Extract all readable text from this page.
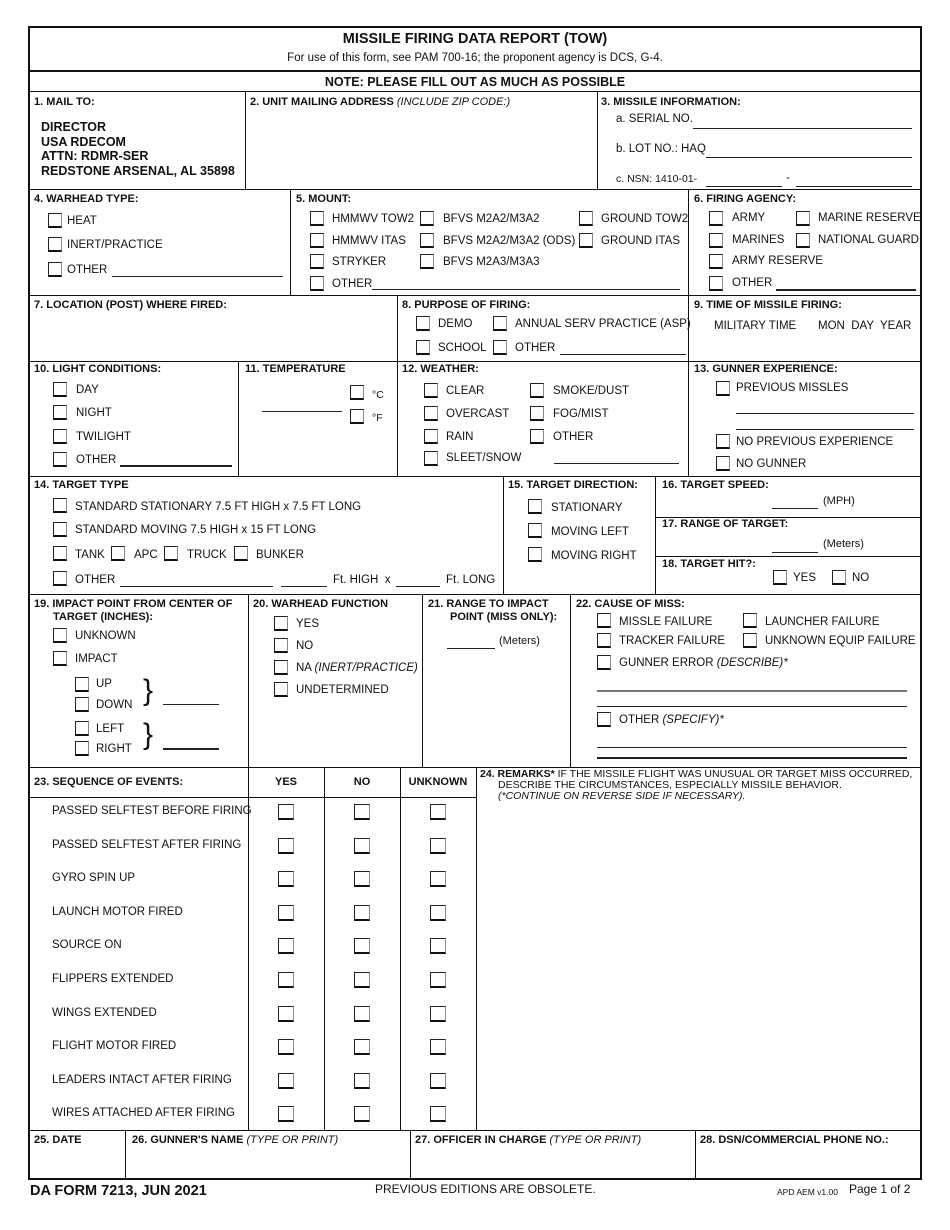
MISSILE FIRING DATA REPORT (TOW)
For use of this form, see PAM 700-16; the proponent agency is DCS, G-4.
NOTE: PLEASE FILL OUT AS MUCH AS POSSIBLE
1. MAIL TO:
DIRECTOR
USA RDECOM
ATTN: RDMR-SER
REDSTONE ARSENAL, AL 35898
2. UNIT MAILING ADDRESS (INCLUDE ZIP CODE:)	3. MISSILE INFORMATION:
a. SERIAL NO.
b. LOT NO.: HAQ
c. NSN: 1410-01-	-
4. WARHEAD TYPE:
HEAT
INERT/PRACTICE
OTHER
5. MOUNT:
HMMWV TOW2
HMMWV ITAS
STRYKER
OTHER
BFVS M2A2/M3A2
BFVS M2A2/M3A2 (ODS)
BFVS M2A3/M3A3
GROUND TOW2
GROUND ITAS
6. FIRING AGENCY:
ARMY
MARINES
ARMY RESERVE
OTHER
MARINE RESERVE
NATIONAL GUARD
7. LOCATION (POST) WHERE FIRED:	8. PURPOSE OF FIRING:
DEMO
SCHOOL
ANNUAL SERV PRACTICE (ASP)
OTHER
9. TIME OF MISSILE FIRING:
MILITARY TIME MON  DAY  YEAR
10. LIGHT CONDITIONS:
DAY
NIGHT
TWILIGHT
OTHER
11. TEMPERATURE
°C
°F
12. WEATHER:
CLEAR
OVERCAST
RAIN
SLEET/SNOW
SMOKE/DUST
FOG/MIST
OTHER
13. GUNNER EXPERIENCE:
PREVIOUS MISSLES
NO PREVIOUS EXPERIENCE
NO GUNNER
14. TARGET TYPE
STANDARD STATIONARY 7.5 FT HIGH x 7.5 FT LONG
STANDARD MOVING 7.5 HIGH x 15 FT LONG
TANK	APC	TRUCK	BUNKER
OTHER	Ft. HIGH  x	Ft. LONG
15. TARGET DIRECTION:
STATIONARY
MOVING LEFT
MOVING RIGHT
16. TARGET SPEED:
(MPH)
17. RANGE OF TARGET:
(Meters)
18. TARGET HIT?:
YES	NO
19. IMPACT POINT FROM CENTER OF
TARGET (INCHES):
UNKNOWN
IMPACT
UP
DOWN
LEFT
RIGHT
}
}
20. WARHEAD FUNCTION
YES
NO
NA (INERT/PRACTICE)
UNDETERMINED
21. RANGE TO IMPACT
POINT (MISS ONLY):
(Meters)
22. CAUSE OF MISS:
MISSLE FAILURE
TRACKER FAILURE
GUNNER ERROR (DESCRIBE)*
LAUNCHER FAILURE
UNKNOWN EQUIP FAILURE
OTHER (SPECIFY)*
23. SEQUENCE OF EVENTS:	YES	NO	UNKNOWN
PASSED SELFTEST BEFORE FIRING
PASSED SELFTEST AFTER FIRING
GYRO SPIN UP
LAUNCH MOTOR FIRED
SOURCE ON
FLIPPERS EXTENDED
WINGS EXTENDED
FLIGHT MOTOR FIRED
LEADERS INTACT AFTER FIRING
WIRES ATTACHED AFTER FIRING
24. REMARKS* IF THE MISSILE FLIGHT WAS UNUSUAL OR TARGET MISS OCCURRED,
DESCRIBE THE CIRCUMSTANCES, ESPECIALLY MISSILE BEHAVIOR.
(*CONTINUE ON REVERSE SIDE IF NECESSARY).
25. DATE	26. GUNNER'S NAME (TYPE OR PRINT)	27. OFFICER IN CHARGE (TYPE OR PRINT)	28. DSN/COMMERCIAL PHONE NO.:
DA FORM 7213, JUN 2021	PREVIOUS EDITIONS ARE OBSOLETE.	APD AEM v1.00 Page 1 of 2
